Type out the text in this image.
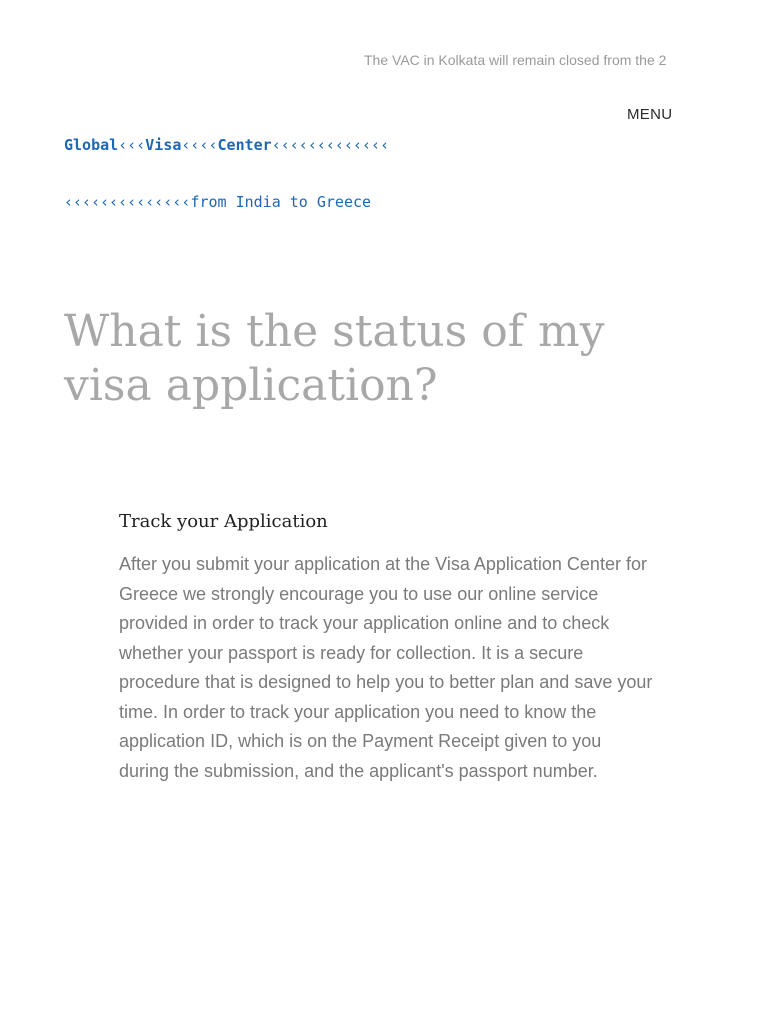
The VAC in Kolkata will remain closed from the 2

Global‹‹‹Visa‹‹‹‹Center‹‹‹‹‹‹‹‹‹‹‹‹‹

‹‹‹‹‹‹‹‹‹‹‹‹‹‹from India to Greece

MENU
What is the status of my visa application?
Track your Application

After you submit your application at the Visa Application Center for Greece we strongly encourage you to use our online service provided in order to track your application online and to check whether your passport is ready for collection. It is a secure procedure that is designed to help you to better plan and save your time. In order to track your application you need to know the application ID, which is on the Payment Receipt given to you during the submission, and the applicant's passport number.
